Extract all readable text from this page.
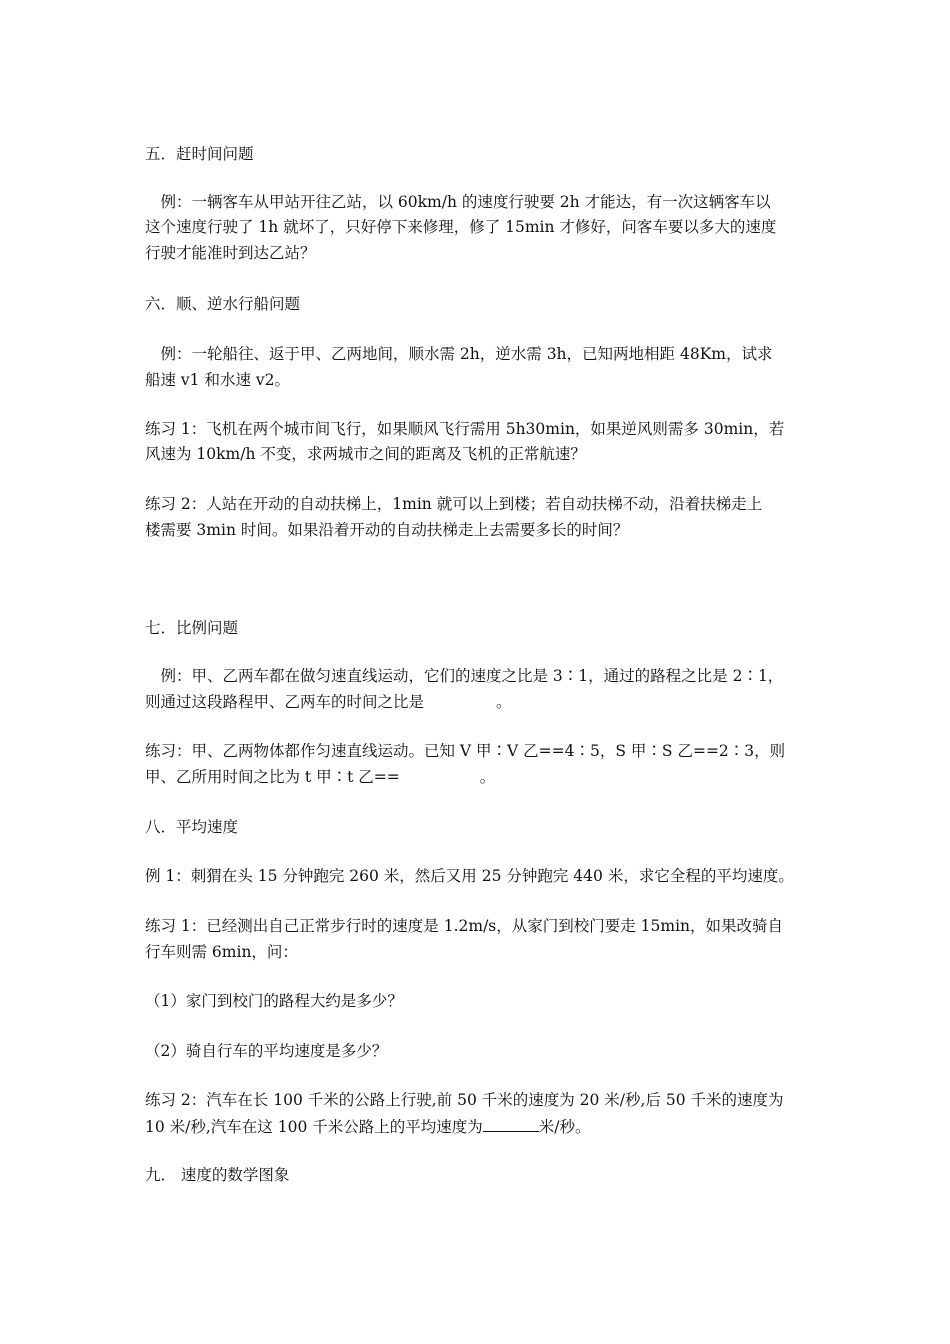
五．赶时间问题
　例：一辆客车从甲站开往乙站，以 60km/h 的速度行驶要 2h 才能达，有一次这辆客车以
这个速度行驶了 1h 就坏了，只好停下来修理，修了 15min 才修好，问客车要以多大的速度
行驶才能准时到达乙站？
六．顺、逆水行船问题
　例：一轮船往、返于甲、乙两地间，顺水需 2h，逆水需 3h，已知两地相距 48Km，试求
船速 v1 和水速 v2。
练习 1：飞机在两个城市间飞行，如果顺风飞行需用 5h30min，如果逆风则需多 30min，若
风速为 10km/h 不变，求两城市之间的距离及飞机的正常航速？
练习 2：人站在开动的自动扶梯上，1min 就可以上到楼；若自动扶梯不动，沿着扶梯走上
楼需要 3min 时间。如果沿着开动的自动扶梯走上去需要多长的时间？
七．比例问题
　例：甲、乙两车都在做匀速直线运动，它们的速度之比是 3∶1，通过的路程之比是 2∶1，
则通过这段路程甲、乙两车的时间之比是	。
练习：甲、乙两物体都作匀速直线运动。已知 V 甲∶V 乙==4∶5，S 甲∶S 乙==2∶3，则
甲、乙所用时间之比为 t 甲∶t 乙==	。
八．平均速度
例 1：刺猬在头 15 分钟跑完 260 米，然后又用 25 分钟跑完 440 米，求它全程的平均速度。
练习 1：已经测出自己正常步行时的速度是 1.2m/s，从家门到校门要走 15min，如果改骑自
行车则需 6min，问：
（1）家门到校门的路程大约是多少？
（2）骑自行车的平均速度是多少？
练习 2：汽车在长 100 千米的公路上行驶,前 50 千米的速度为 20 米/秒,后 50 千米的速度为
10 米/秒,汽车在这 100 千米公路上的平均速度为	米/秒。
九． 速度的数学图象
